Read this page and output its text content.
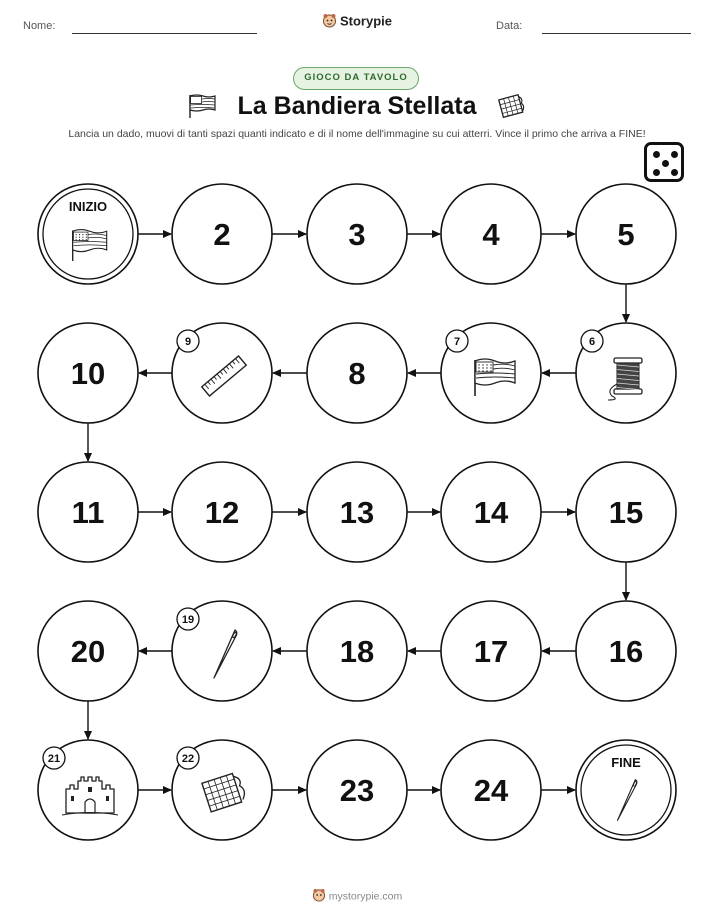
Nome:	Data:
Storypie
GIOCO DA TAVOLO
La Bandiera Stellata
Lancia un dado, muovi di tanti spazi quanti indicato e di il nome dell'immagine su cui atterri. Vince il primo che arriva a FINE!
INIZIO
2	3	4	5
6
7
8
9
10
11	12	13	14	15
16
17
18
19
20
21	22
23	24
FINE
mystorypie.com
